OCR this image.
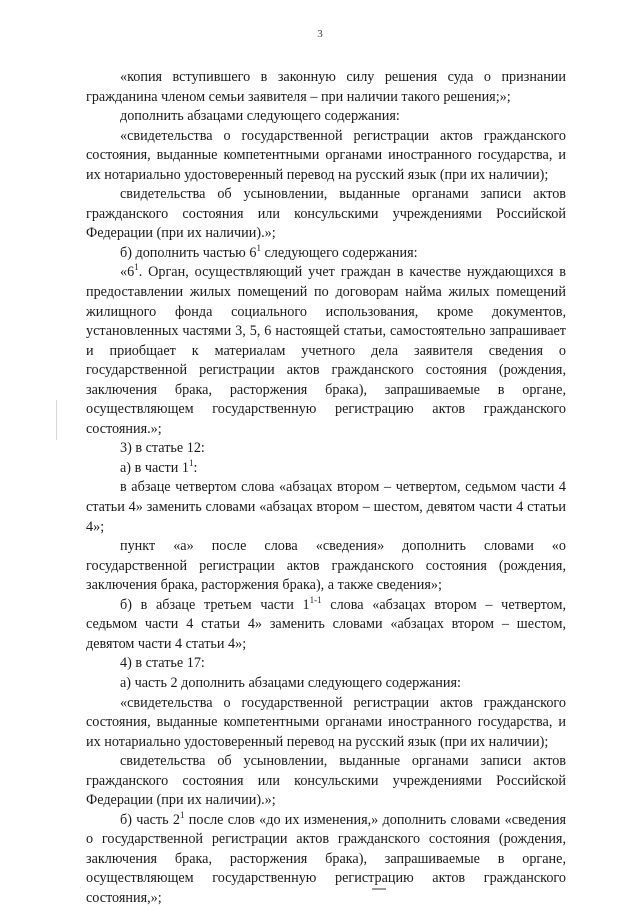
3

«копия вступившего в законную силу решения суда о признании гражданина членом семьи заявителя – при наличии такого решения;»;

дополнить абзацами следующего содержания:

«свидетельства о государственной регистрации актов гражданского состояния, выданные компетентными органами иностранного государства, и их нотариально удостоверенный перевод на русский язык (при их наличии);

свидетельства об усыновлении, выданные органами записи актов гражданского состояния или консульскими учреждениями Российской Федерации (при их наличии).»;

б) дополнить частью $6^1$ следующего содержания:

«$6^1$. Орган, осуществляющий учет граждан в качестве нуждающихся в предоставлении жилых помещений по договорам найма жилых помещений жилищного фонда социального использования, кроме документов, установленных частями 3, 5, 6 настоящей статьи, самостоятельно запрашивает и приобщает к материалам учетного дела заявителя сведения о государственной регистрации актов гражданского состояния (рождения, заключения брака, расторжения брака), запрашиваемые в органе, осуществляющем государственную регистрацию актов гражданского состояния.»;

3) в статье 12:

а) в части $1^1$:

в абзаце четвертом слова «абзацах втором – четвертом, седьмом части 4 статьи 4» заменить словами «абзацах втором – шестом, девятом части 4 статьи 4»;

пункт «а» после слова «сведения» дополнить словами «о государственной регистрации актов гражданского состояния (рождения, заключения брака, расторжения брака), а также сведения»;

б) в абзаце третьем части 1$^{1-1}$ слова «абзацах втором – четвертом, седьмом части 4 статьи 4» заменить словами «абзацах втором – шестом, девятом части 4 статьи 4»;

4) в статье 17:

а) часть 2 дополнить абзацами следующего содержания:

«свидетельства о государственной регистрации актов гражданского состояния, выданные компетентными органами иностранного государства, и их нотариально удостоверенный перевод на русский язык (при их наличии);

свидетельства об усыновлении, выданные органами записи актов гражданского состояния или консульскими учреждениями Российской Федерации (при их наличии).»;

б) часть $2^1$ после слов «до их изменения,» дополнить словами «сведения о государственной регистрации актов гражданского состояния (рождения, заключения брака, расторжения брака), запрашиваемые в органе, осуществляющем государственную регистрацию актов гражданского состояния,»;
